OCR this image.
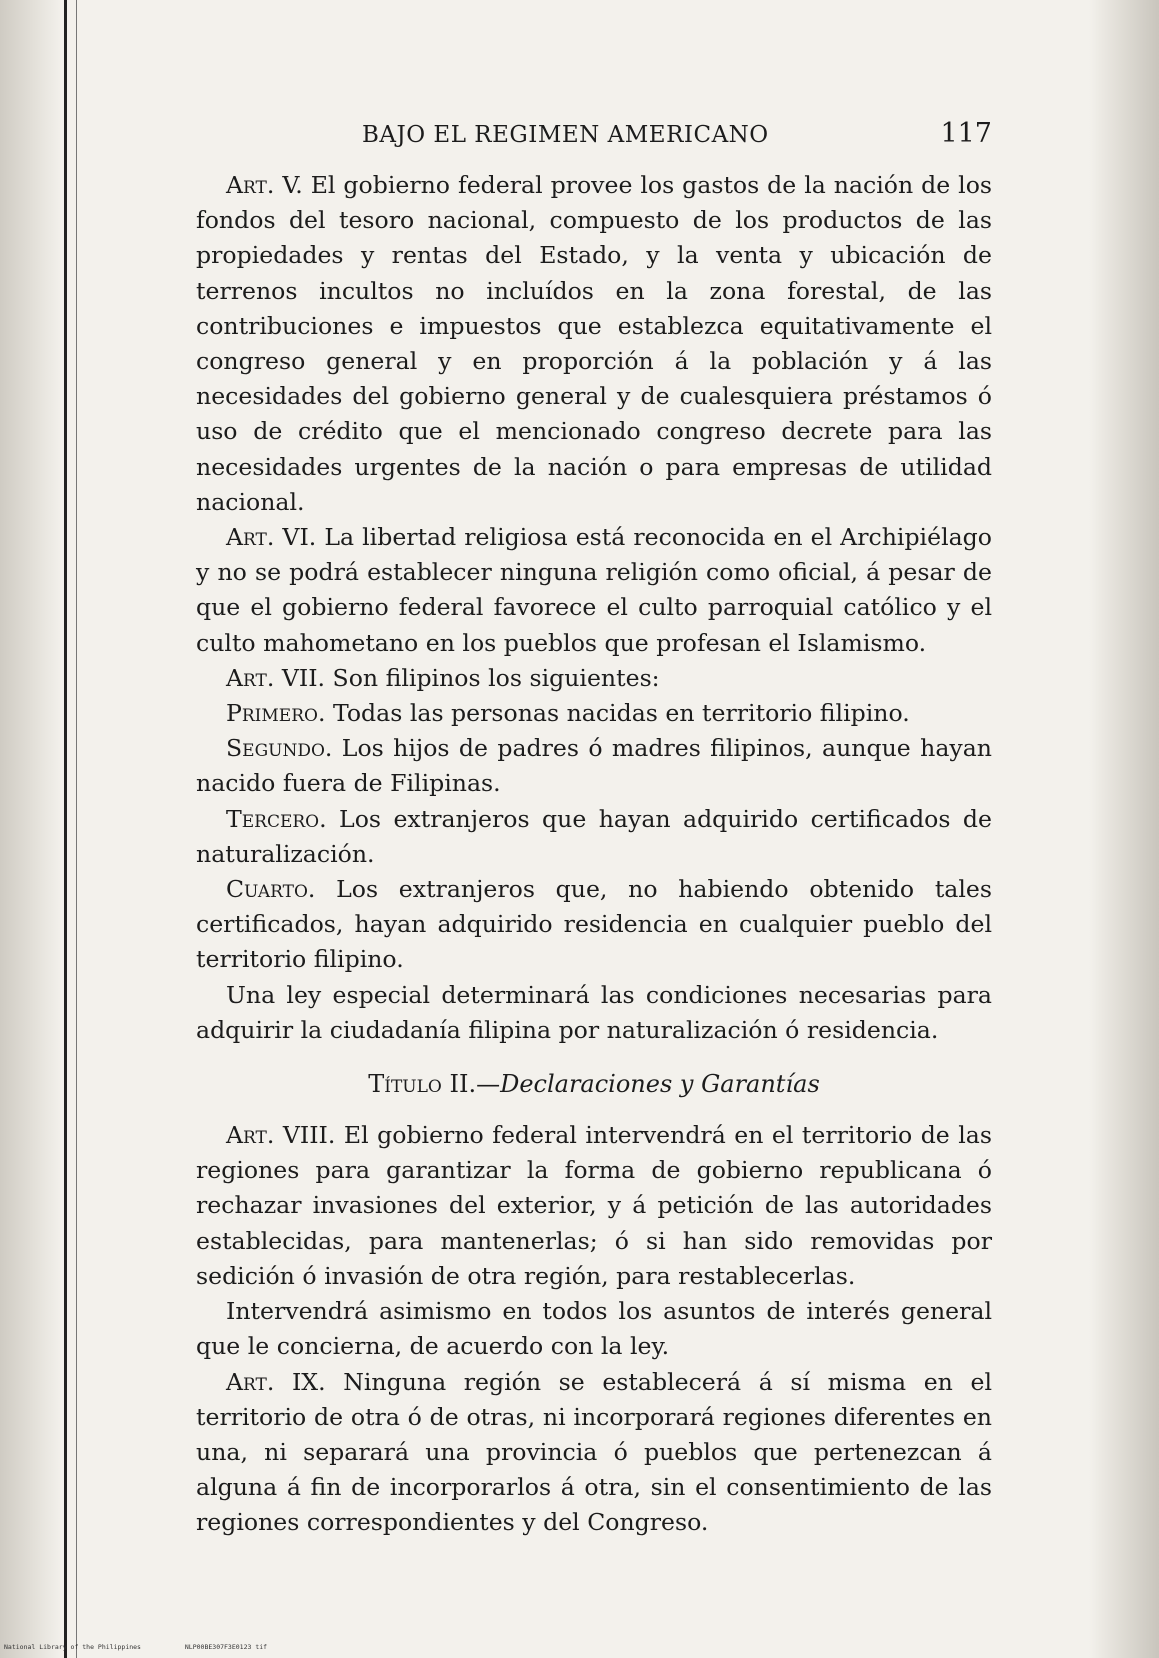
BAJO EL REGIMEN AMERICANO	117

Art. V. El gobierno federal provee los gastos de la nación de los fondos del tesoro nacional, compuesto de los productos de las propiedades y rentas del Estado, y la venta y ubicación de terrenos incultos no incluídos en la zona forestal, de las contribuciones e impuestos que establezca equitativamente el congreso general y en proporción á la población y á las necesidades del gobierno general y de cualesquiera préstamos ó uso de crédito que el mencionado congreso decrete para las necesidades urgentes de la nación o para empresas de utilidad nacional.

Art. VI. La libertad religiosa está reconocida en el Archipiélago y no se podrá establecer ninguna religión como oficial, á pesar de que el gobierno federal favorece el culto parroquial católico y el culto mahometano en los pueblos que profesan el Islamismo.

Art. VII. Son filipinos los siguientes:

Primero. Todas las personas nacidas en territorio filipino.

Segundo. Los hijos de padres ó madres filipinos, aunque hayan nacido fuera de Filipinas.

Tercero. Los extranjeros que hayan adquirido certificados de naturalización.

Cuarto. Los extranjeros que, no habiendo obtenido tales certificados, hayan adquirido residencia en cualquier pueblo del territorio filipino.

Una ley especial determinará las condiciones necesarias para adquirir la ciudadanía filipina por naturalización ó residencia.

Título II.—Declaraciones y Garantías

Art. VIII. El gobierno federal intervendrá en el territorio de las regiones para garantizar la forma de gobierno republicana ó rechazar invasiones del exterior, y á petición de las autoridades establecidas, para mantenerlas; ó si han sido removidas por sedición ó invasión de otra región, para restablecerlas.

Intervendrá asimismo en todos los asuntos de interés general que le concierna, de acuerdo con la ley.

Art. IX. Ninguna región se establecerá á sí misma en el territorio de otra ó de otras, ni incorporará regiones diferentes en una, ni separará una provincia ó pueblos que pertenezcan á alguna á fin de incorporarlos á otra, sin el consentimiento de las regiones correspondientes y del Congreso.

National Library of the Philippines	NLP00BE307F3E0123 tif
